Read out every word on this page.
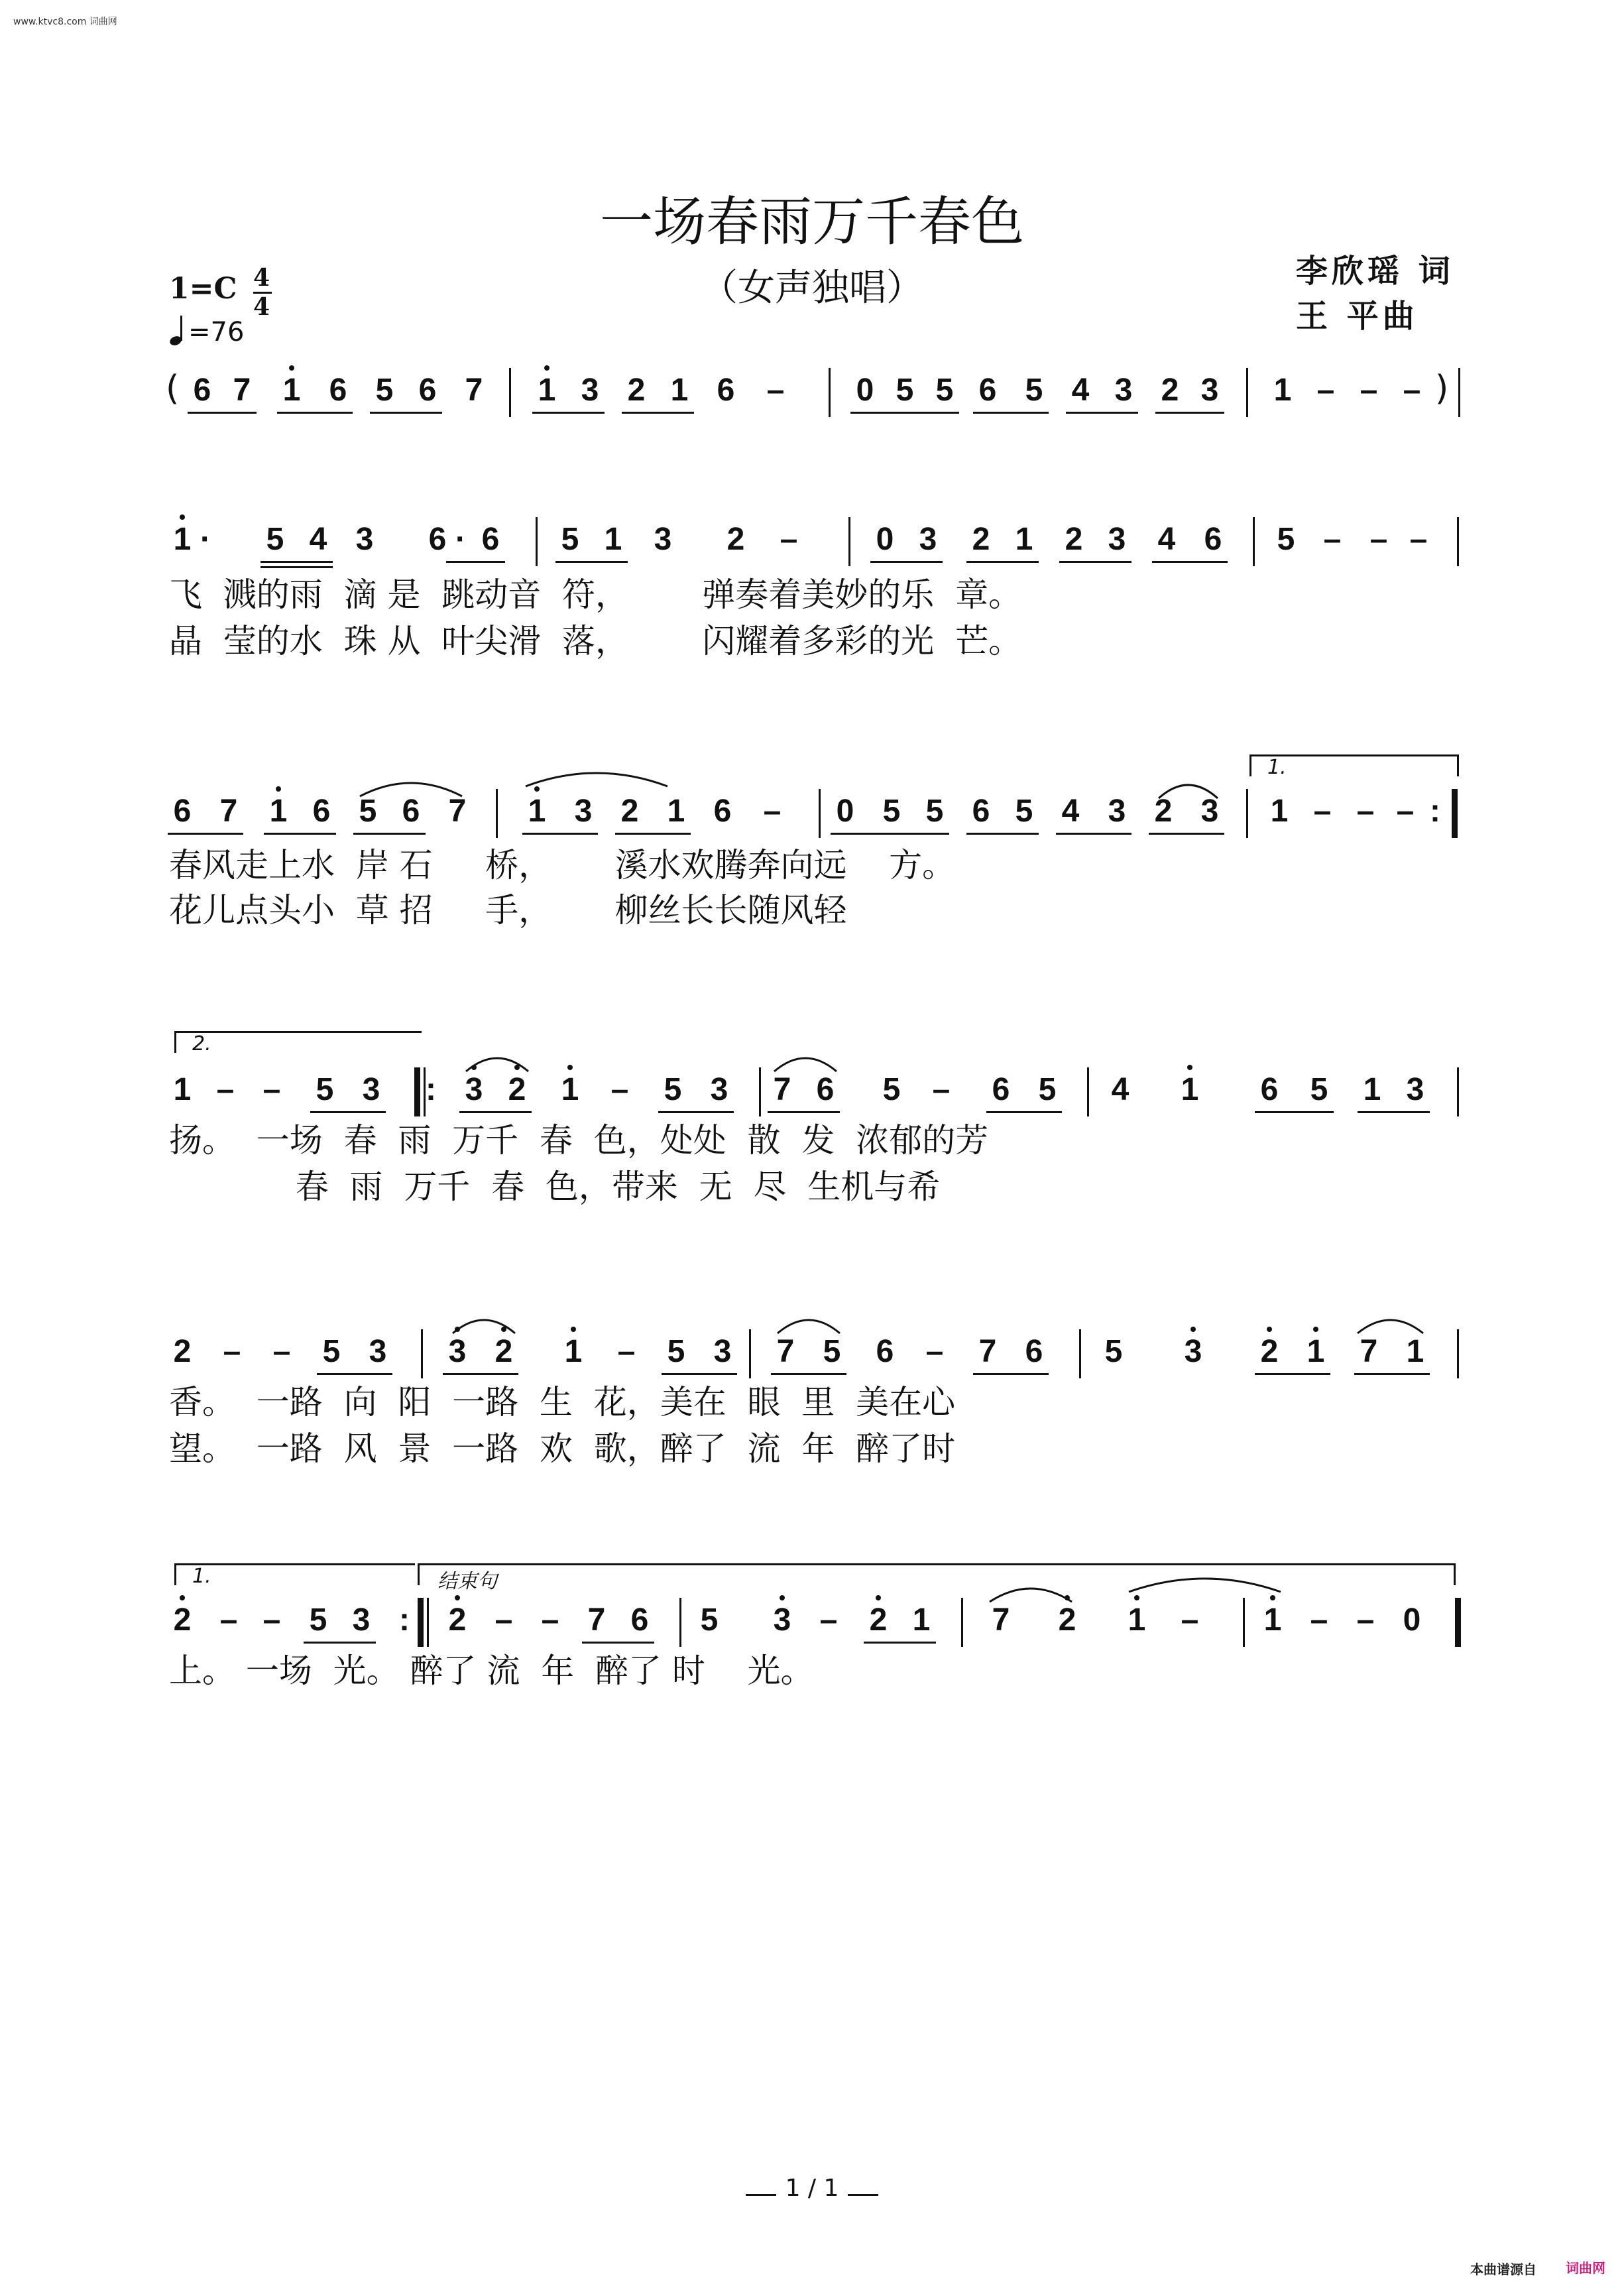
www.ktvc8.com 词曲网
一场春雨万千春色
（女声独唱）	李欣瑶 词
王 平曲
1=C 4
4
=76
(	)
飞  溅的雨  滴 是  跳动音  符，       弹奏着美妙的乐  章。
晶  莹的水  珠 从  叶尖滑  落，       闪耀着多彩的光  芒。
1.
春风走上水  岸 石     桥，      溪水欢腾奔向远    方。
花儿点头小  草 招     手，      柳丝长长随风轻
2.
扬。  一场  春  雨  万千  春  色，处处  散  发  浓郁的芳
春  雨  万千  春  色，带来  无  尽  生机与希
香。  一路  向  阳  一路  生  花，美在  眼  里  美在心
望。  一路  风  景  一路  欢  歌，醉了  流  年  醉了时
1.	结束句
上。 一场  光。 醉了 流  年  醉了 时    光。
1 / 1
本曲谱源自 词曲网
6 7 1 6 5 6 7 1 3 2 1 6 – 0 5 5 6 5 4 3 2 3 1 – – –
1 · 5 4 3 6 · 6 5 1 3 2 – 0 3 2 1 2 3 4 6 5 – – –
6 7 1 6 5 6 7 1 3 2 1 6 – 0 5 5 6 5 4 3 2 3 1 – – – :
1 – – 5 3 : 3 2 1 – 5 3 7 6 5 – 6 5 4 1 6 5 1 3
2 – – 5 3 3 2 1 – 5 3 7 5 6 – 7 6 5 3 2 1 7 1
2 – – 5 3 : 2 – – 7 6 5 3 – 2 1 7 2 1 – 1 – – 0
